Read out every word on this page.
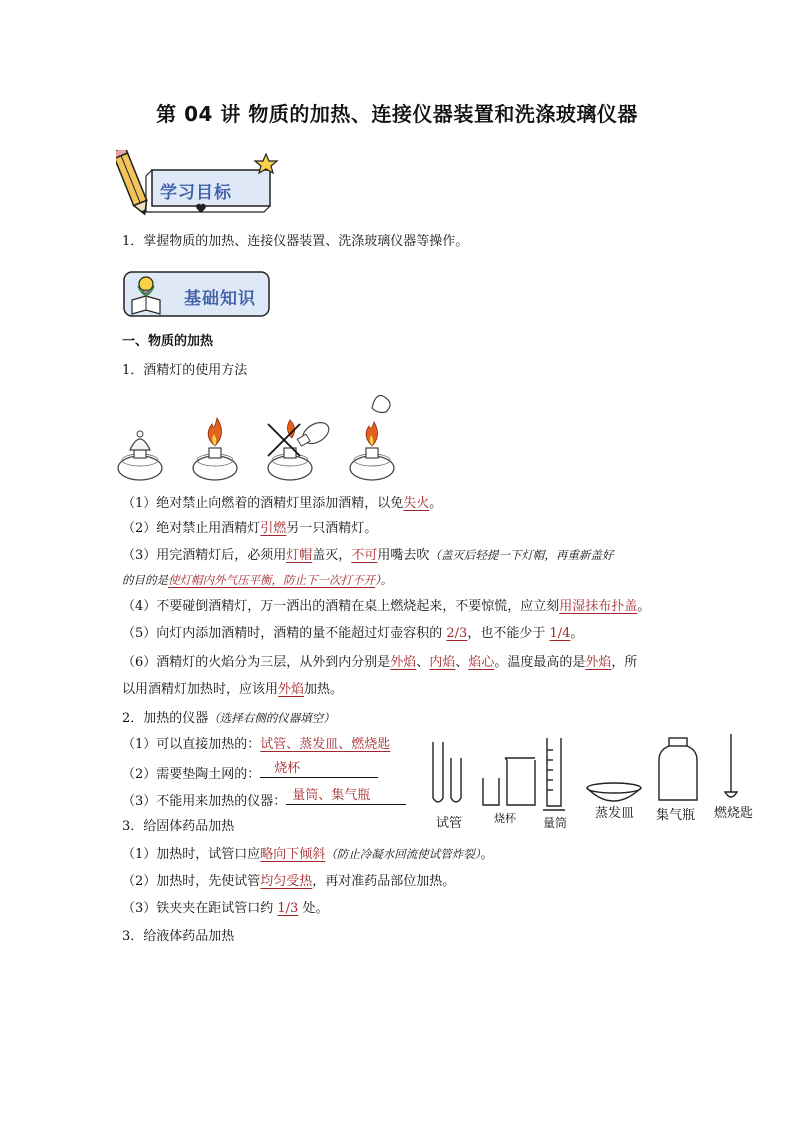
第 04 讲 物质的加热、连接仪器装置和洗涤玻璃仪器
学习目标
1．掌握物质的加热、连接仪器装置、洗涤玻璃仪器等操作。
基础知识
一、物质的加热
1．酒精灯的使用方法
（1）绝对禁止向燃着的酒精灯里添加酒精，以免失火。
（2）绝对禁止用酒精灯引燃另一只酒精灯。
（3）用完酒精灯后，必须用灯帽盖灭，不可用嘴去吹（盖灭后轻提一下灯帽，再重新盖好
的目的是使灯帽内外气压平衡，防止下一次打不开）。
（4）不要碰倒酒精灯，万一洒出的酒精在桌上燃烧起来，不要惊慌，应立刻用湿抹布扑盖。
（5）向灯内添加酒精时，酒精的量不能超过灯壶容积的 2/3，也不能少于 1/4。
（6）酒精灯的火焰分为三层，从外到内分别是外焰、内焰、焰心。温度最高的是外焰，所
以用酒精灯加热时，应该用外焰加热。
2．加热的仪器（选择右侧的仪器填空）
（1）可以直接加热的：试管、蒸发皿、燃烧匙
（2）需要垫陶土网的： 烧杯
（3）不能用来加热的仪器： 量筒、集气瓶
试管	烧杯 量筒
蒸发皿 集气瓶 燃烧匙
3．给固体药品加热
（1）加热时，试管口应略向下倾斜（防止冷凝水回流使试管炸裂）。
（2）加热时，先使试管均匀受热，再对准药品部位加热。
（3）铁夹夹在距试管口约 1/3 处。
3．给液体药品加热
